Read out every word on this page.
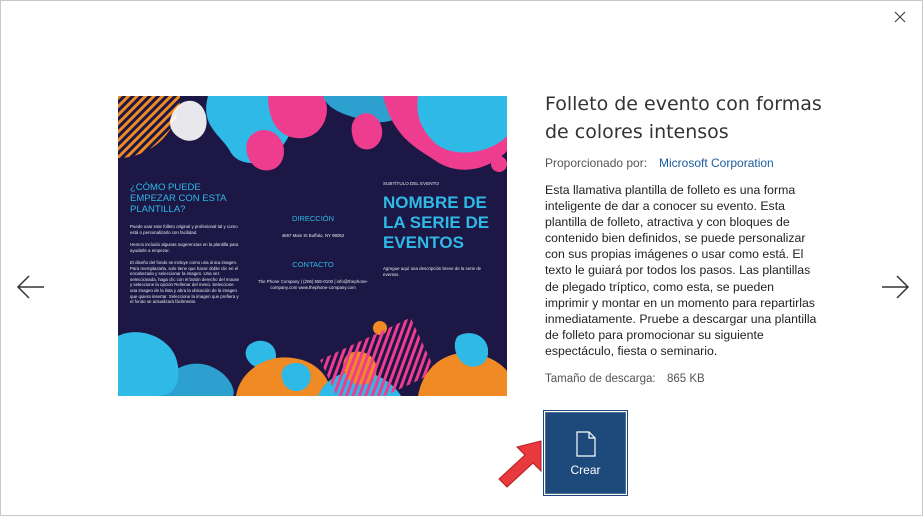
¿CÓMO PUEDE EMPEZAR CON ESTA PLANTILLA?
Puede usar este folleto original y profesional tal y como está o personalizarlo con facilidad.
Hemos incluido algunas sugerencias en la plantilla para ayudarle a empezar.
El diseño del fondo se incluye como una única imagen. Para reemplazarla, solo tiene que hacer doble clic en el encabezado y seleccionar la imagen. Una vez seleccionada, haga clic con el botón derecho del mouse y seleccione la opción Rellenar del menú. Seleccione una imagen de la lista y abra la ubicación de la imagen que quiera insertar. Seleccione la imagen que prefiera y el fondo se actualizará fácilmente.
DIRECCIÓN
4567 Main St Buffalo, NY 98052
CONTACTO
The Phone Company | (206) 555-0100 | info@thephone-company.com www.thephone-company.com
SUBTÍTULO DEL EVENTO
NOMBRE DE LA SERIE DE EVENTOS
Agregue aquí una descripción breve de la serie de eventos.
Folleto de evento con formas de colores intensos
Proporcionado por: Microsoft Corporation
Esta llamativa plantilla de folleto es una forma inteligente de dar a conocer su evento. Esta plantilla de folleto, atractiva y con bloques de contenido bien definidos, se puede personalizar con sus propias imágenes o usar como está. El texto le guiará por todos los pasos. Las plantillas de plegado tríptico, como esta, se pueden imprimir y montar en un momento para repartirlas inmediatamente. Pruebe a descargar una plantilla de folleto para promocionar su siguiente espectáculo, fiesta o seminario.
Tamaño de descarga: 865 KB
Crear
